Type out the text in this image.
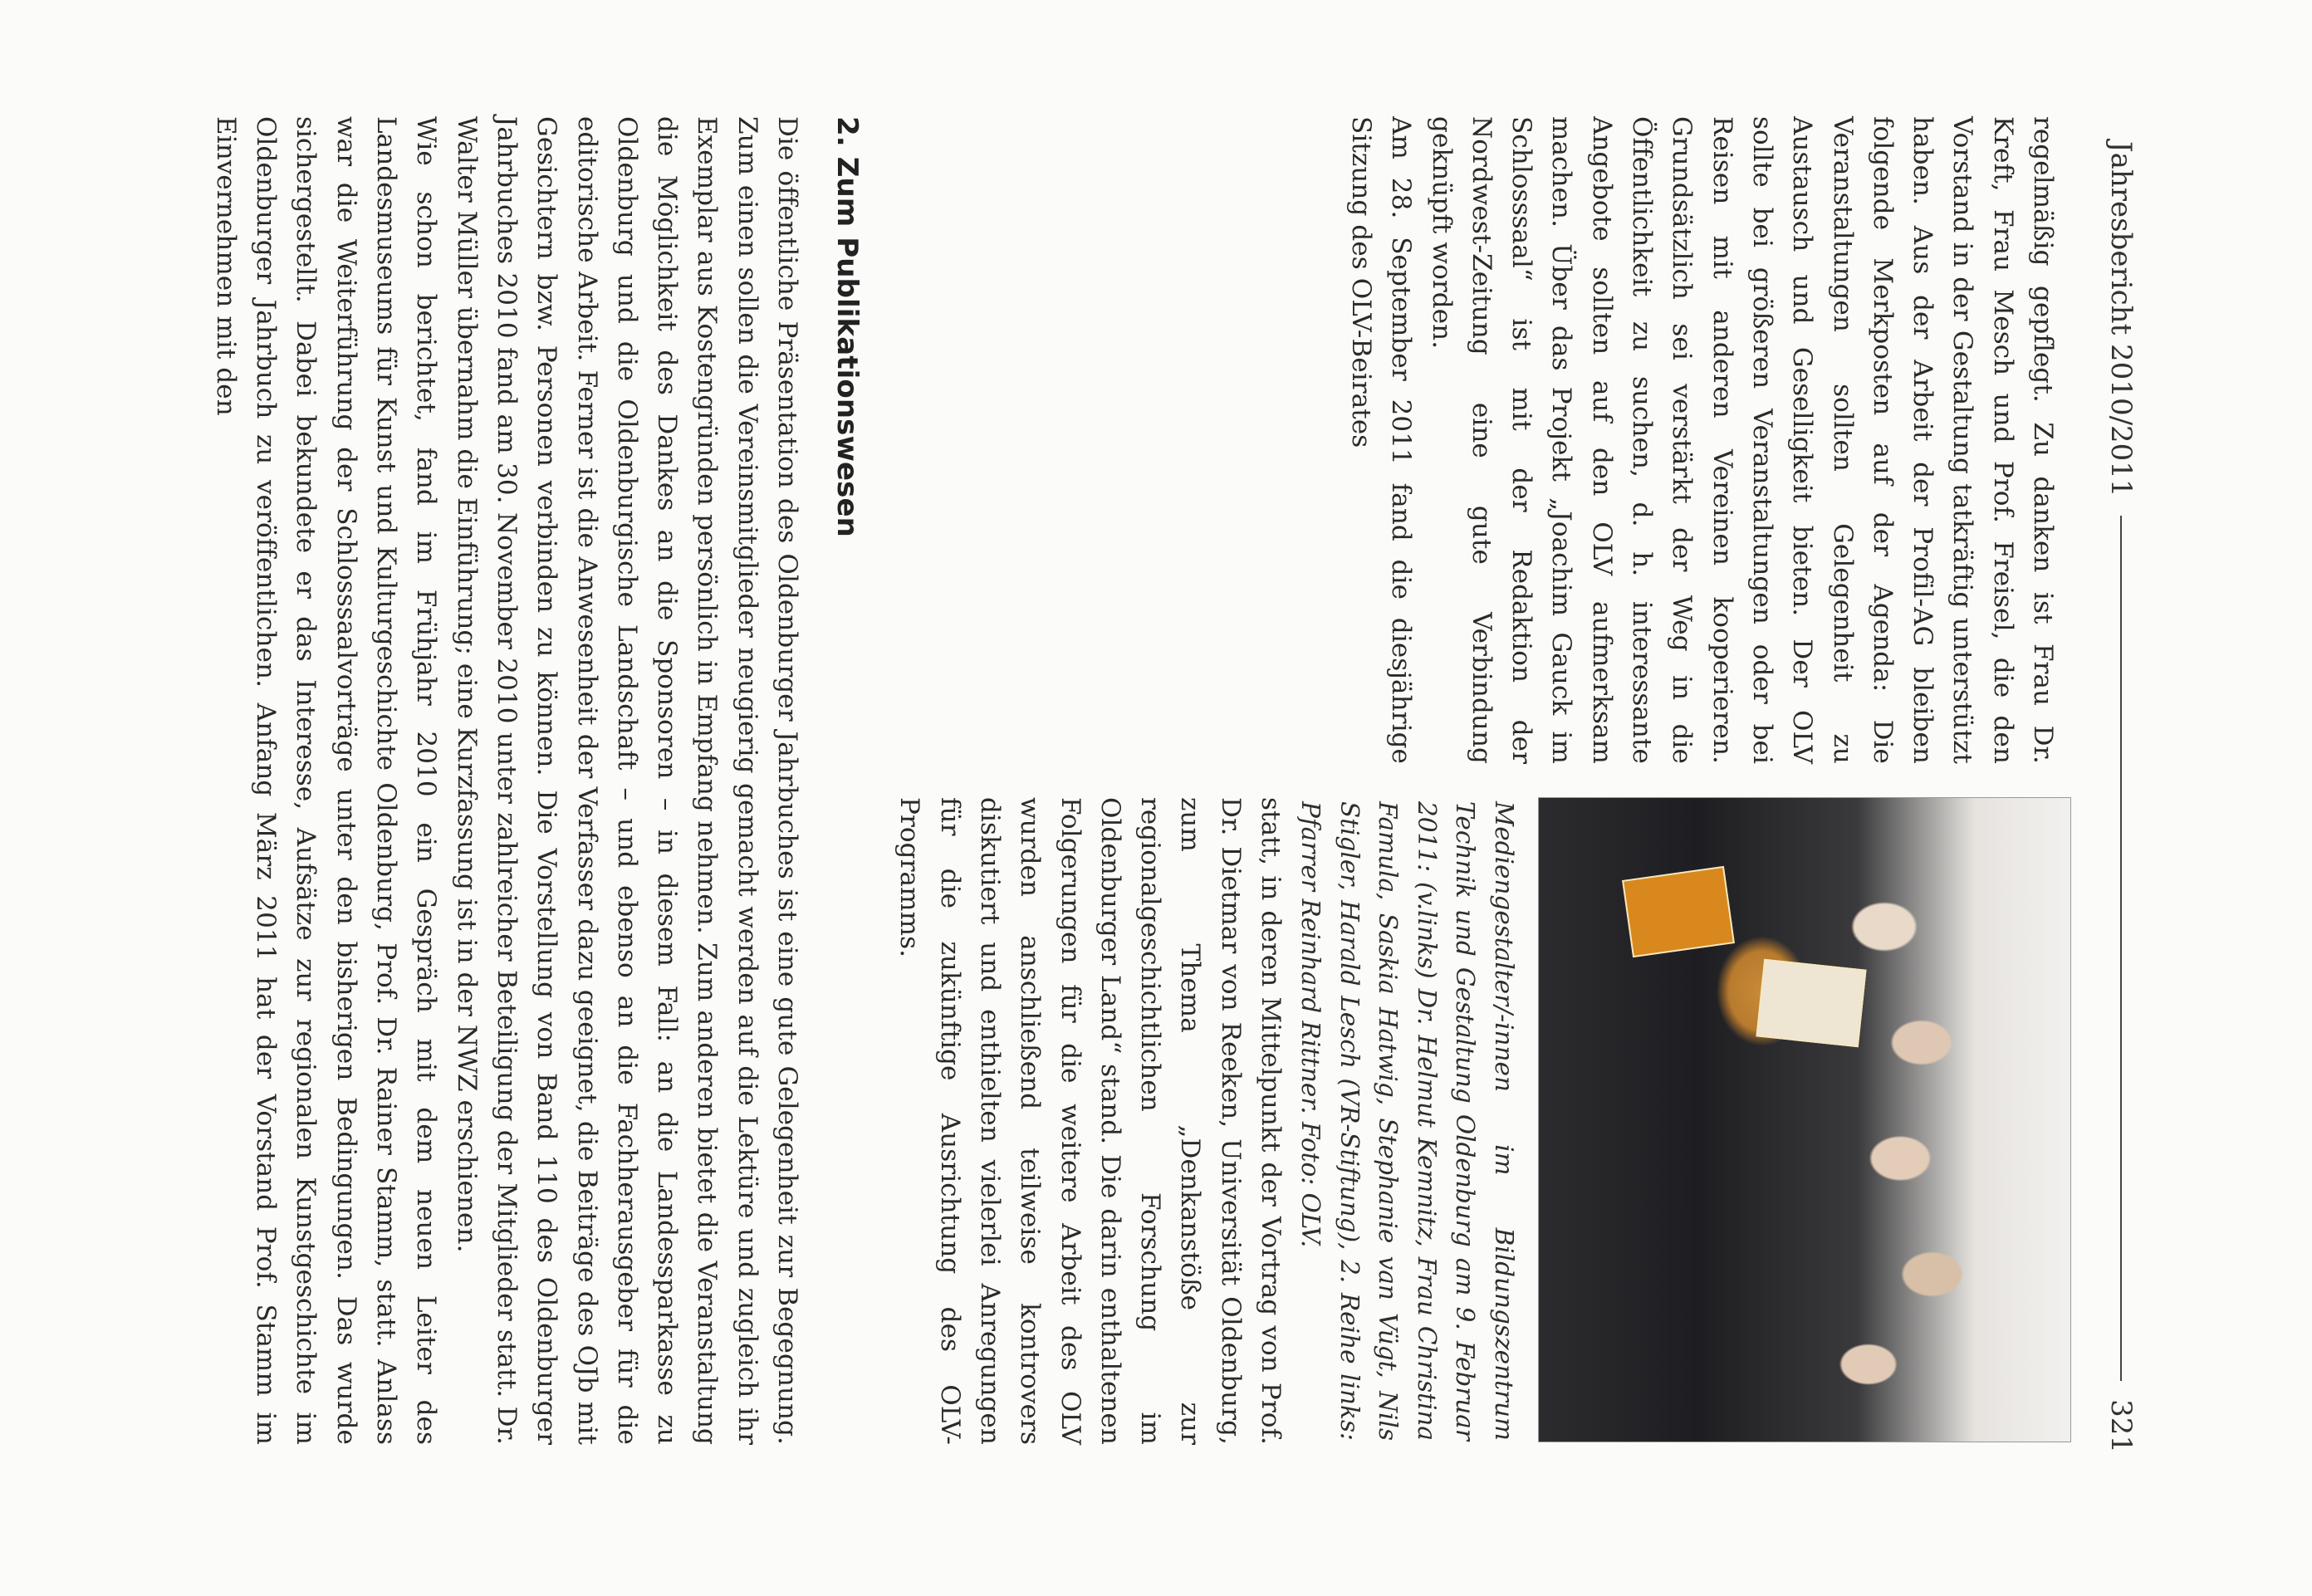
Jahresbericht 2010/2011
321

regelmäßig gepflegt. Zu danken ist Frau Dr. Kreft, Frau Mesch und Prof. Freisel, die den Vorstand in der Gestaltung tatkräftig unterstützt haben. Aus der Arbeit der Profil-AG bleiben folgende Merkposten auf der Agenda: Die Veranstaltungen sollten Gelegenheit zu Austausch und Geselligkeit bieten. Der OLV sollte bei größeren Veranstaltungen oder bei Reisen mit anderen Vereinen kooperieren. Grundsätzlich sei verstärkt der Weg in die Öffentlichkeit zu suchen, d. h. interessante Angebote sollten auf den OLV aufmerksam machen. Über das Projekt „Joachim Gauck im Schlosssaal“ ist mit der Redaktion der Nordwest-Zeitung eine gute Verbindung geknüpft worden.

Am 28. September 2011 fand die diesjährige Sitzung des OLV-Beirates

Mediengestalter/-innen im Bildungszentrum Technik und Gestaltung Oldenburg am 9. Februar 2011: (v.links) Dr. Helmut Kemnitz, Frau Christina Famula, Saskia Hatwig, Stephanie van Vügt, Nils Stigler, Harald Lesch (VR-Stiftung), 2. Reihe links: Pfarrer Reinhard Rittner. Foto: OLV.

statt, in deren Mittelpunkt der Vortrag von Prof. Dr. Dietmar von Reeken, Universität Oldenburg, zum Thema „Denkanstöße zur regionalgeschichtlichen Forschung im Oldenburger Land“ stand. Die darin enthaltenen Folgerungen für die weitere Arbeit des OLV wurden anschließend teilweise kontrovers diskutiert und enthielten vielerlei Anregungen für die zukünftige Ausrichtung des OLV-Programms.

2. Zum Publikationswesen

Die öffentliche Präsentation des Oldenburger Jahrbuches ist eine gute Gelegenheit zur Begegnung. Zum einen sollen die Vereinsmitglieder neugierig gemacht werden auf die Lektüre und zugleich ihr Exemplar aus Kostengründen persönlich in Empfang nehmen. Zum anderen bietet die Veranstaltung die Möglichkeit des Dankes an die Sponsoren – in diesem Fall: an die Landessparkasse zu Oldenburg und die Oldenburgische Landschaft – und ebenso an die Fachherausgeber für die editorische Arbeit. Ferner ist die Anwesenheit der Verfasser dazu geeignet, die Beiträge des OJb mit Gesichtern bzw. Personen verbinden zu können. Die Vorstellung von Band 110 des Oldenburger Jahrbuches 2010 fand am 30. November 2010 unter zahlreicher Beteiligung der Mitglieder statt. Dr. Walter Müller übernahm die Einführung; eine Kurzfassung ist in der NWZ erschienen.

Wie schon berichtet, fand im Frühjahr 2010 ein Gespräch mit dem neuen Leiter des Landesmuseums für Kunst und Kulturgeschichte Oldenburg, Prof. Dr. Rainer Stamm, statt. Anlass war die Weiterführung der Schlosssaalvorträge unter den bisherigen Bedingungen. Das wurde sichergestellt. Dabei bekundete er das Interesse, Aufsätze zur regionalen Kunstgeschichte im Oldenburger Jahrbuch zu veröffentlichen. Anfang März 2011 hat der Vorstand Prof. Stamm im Einvernehmen mit den
